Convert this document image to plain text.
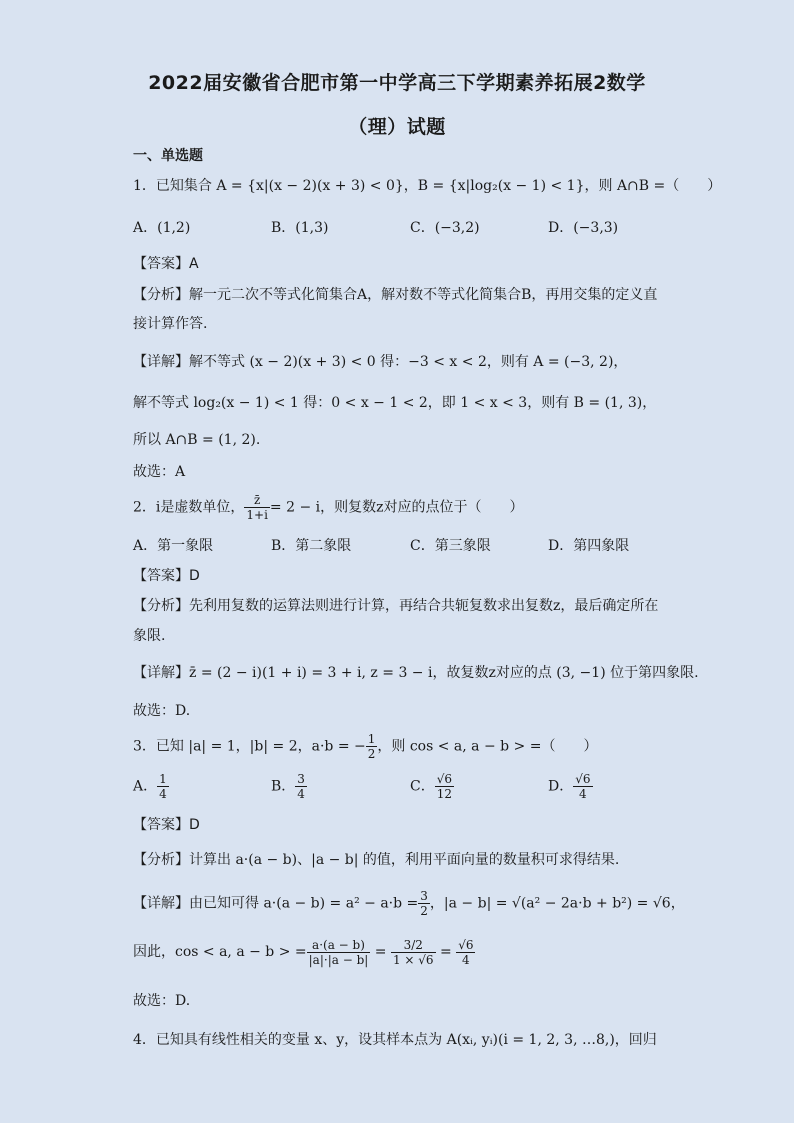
2022届安徽省合肥市第一中学高三下学期素养拓展2数学
（理）试题
一、单选题
1．已知集合 A = {x|(x − 2)(x + 3) < 0}，B = {x|log₂(x − 1) < 1}，则 A∩B =（　　）
A．(1,2)	B．(1,3)	C．(−3,2)	D．(−3,3)
【答案】A
【分析】解一元二次不等式化简集合A，解对数不等式化简集合B，再用交集的定义直
接计算作答.
【详解】解不等式 (x − 2)(x + 3) < 0 得：−3 < x < 2，则有 A = (−3, 2)，
解不等式 log₂(x − 1) < 1 得：0 < x − 1 < 2，即 1 < x < 3，则有 B = (1, 3)，
所以 A∩B = (1, 2).
故选：A
2．i是虚数单位， $\frac{z̄}{1+i} = 2 - i$，则复数z对应的点位于（　　）
A．第一象限	B．第二象限	C．第三象限	D．第四象限
【答案】D
【分析】先利用复数的运算法则进行计算，再结合共轭复数求出复数z，最后确定所在
象限.
【详解】z̄ = (2 − i)(1 + i) = 3 + i, z = 3 − i，故复数z对应的点 (3, −1) 位于第四象限.
故选：D.
3．已知 |a| = 1，|b| = 2，a·b = − $\frac{1}{2}$ ，则 cos < a, a − b > =（　　）
A． $\frac{1}{4}$	B． $\frac{3}{4}$	C． $\frac{√6}{12}$	D． $\frac{√6}{4}$
【答案】D
【分析】计算出 a·(a − b)、|a − b| 的值，利用平面向量的数量积可求得结果.
【详解】由已知可得 $a\cdot(a - b) = a^2 - a\cdot b = \frac{3}{2}$ ，|a − b| = √(a² − 2a·b + b²) = √6，
因此，cos < a, a − b > = $\frac{a\cdot(a - b)}{|a|\cdot|a - b|} = \frac{3/2}{1 \times √6} = \frac{√6}{4}$
故选：D.
4．已知具有线性相关的变量 x、y，设其样本点为 A(xᵢ, yᵢ)(i = 1, 2, 3, …8,)，回归
